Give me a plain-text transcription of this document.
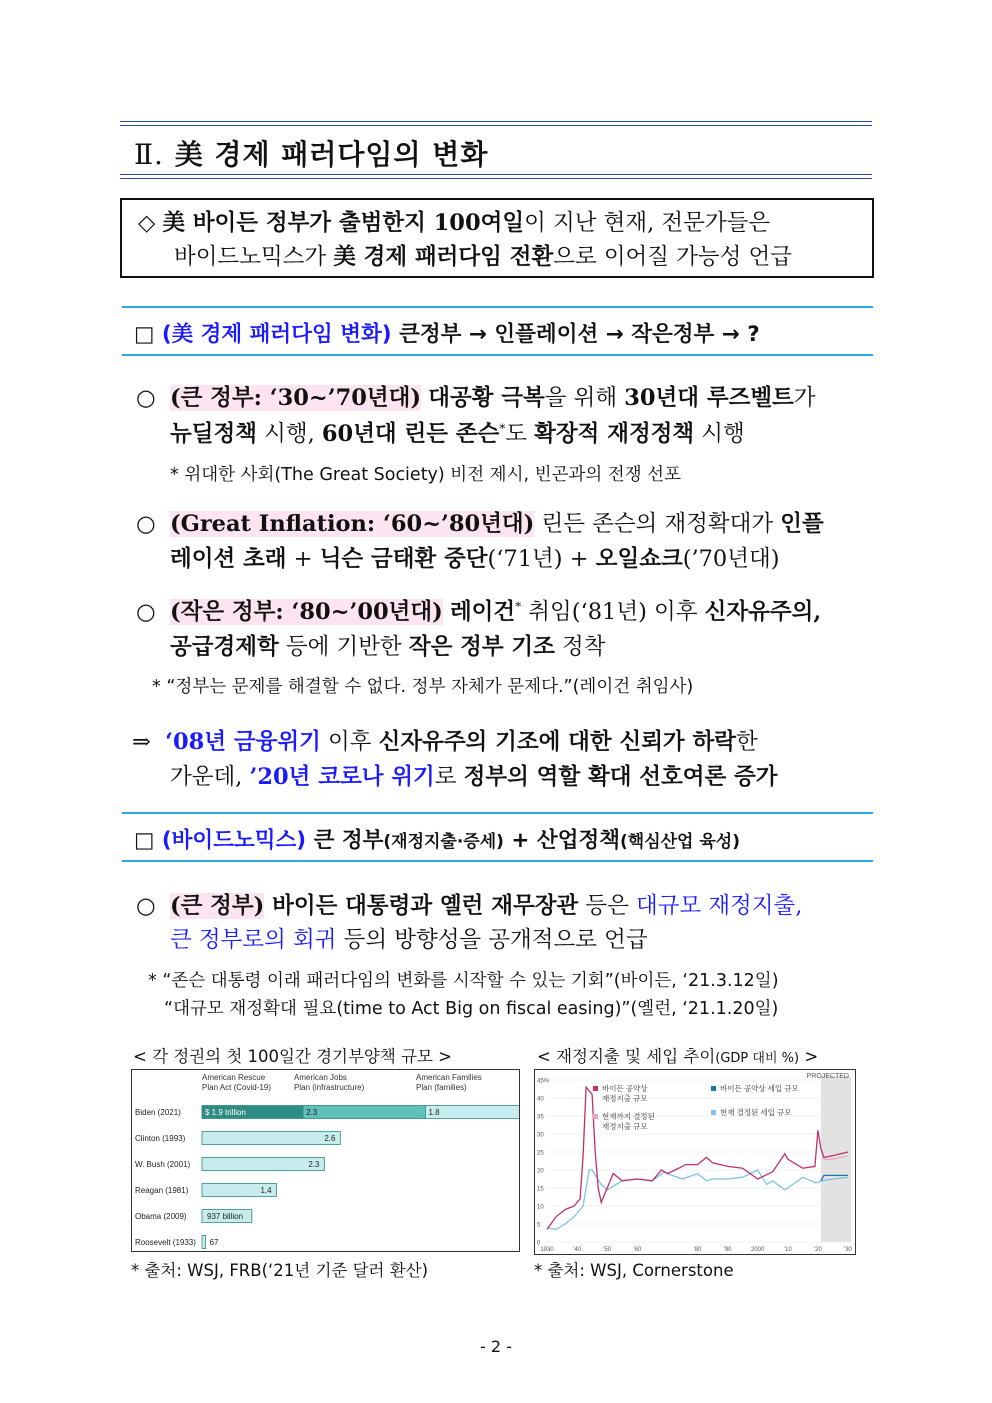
Ⅱ. 美 경제 패러다임의 변화
◇ 美 바이든 정부가 출범한지 100여일이 지난 현재, 전문가들은
바이드노믹스가 美 경제 패러다임 전환으로 이어질 가능성 언급
□ (美 경제 패러다임 변화) 큰정부 → 인플레이션 → 작은정부 → ?
○ (큰 정부: ‘30~’70년대) 대공황 극복을 위해 30년대 루즈벨트가
뉴딜정책 시행, 60년대 린든 존슨*도 확장적 재정정책 시행
* 위대한 사회(The Great Society) 비전 제시, 빈곤과의 전쟁 선포
○ (Great Inflation: ‘60~’80년대) 린든 존슨의 재정확대가 인플
레이션 초래 + 닉슨 금태환 중단(‘71년) + 오일쇼크(’70년대)
○ (작은 정부: ‘80~’00년대) 레이건* 취임(‘81년) 이후 신자유주의,
공급경제학 등에 기반한 작은 정부 기조 정착
* “정부는 문제를 해결할 수 없다. 정부 자체가 문제다.”(레이건 취임사)
⇒ ‘08년 금융위기 이후 신자유주의 기조에 대한 신뢰가 하락한
가운데, ’20년 코로나 위기로 정부의 역할 확대 선호여론 증가
□ (바이드노믹스) 큰 정부(재정지출·증세) + 산업정책(핵심산업 육성)
○ (큰 정부) 바이든 대통령과 옐런 재무장관 등은 대규모 재정지출,
큰 정부로의 회귀 등의 방향성을 공개적으로 언급
* “존슨 대통령 이래 패러다임의 변화를 시작할 수 있는 기회”(바이든, ‘21.3.12일)
“대규모 재정확대 필요(time to Act Big on fiscal easing)”(옐런, ‘21.1.20일)
< 각 정권의 첫 100일간 경기부양책 규모 >	< 재정지출 및 세입 추이(GDP 대비 %) >
American Rescue
Plan Act (Covid-19)
American Jobs
Plan (infrastructure)
American Families
Plan (families)
Biden (2021)	$ 1.9 trillion	2.3	1.8
Clinton (1993)	2.6
W. Bush (2001)	2.3
Reagan (1981)	1.4
Obama (2009)	937 billion
Roosevelt (1933) 67
PROJECTED
0
5
10
15
20
25
30
35
40
45%
1930	'40	'50	'60	'80	'90	2000	'10	'20	'30
바이든 공약상
재정지출 규모
현재까지 결정된
재정지출 규모
바이든 공약상 세입 규모
현재 결정된 세입 규모
* 출처: WSJ, FRB(‘21년 기준 달러 환산)	* 출처: WSJ, Cornerstone
- 2 -
